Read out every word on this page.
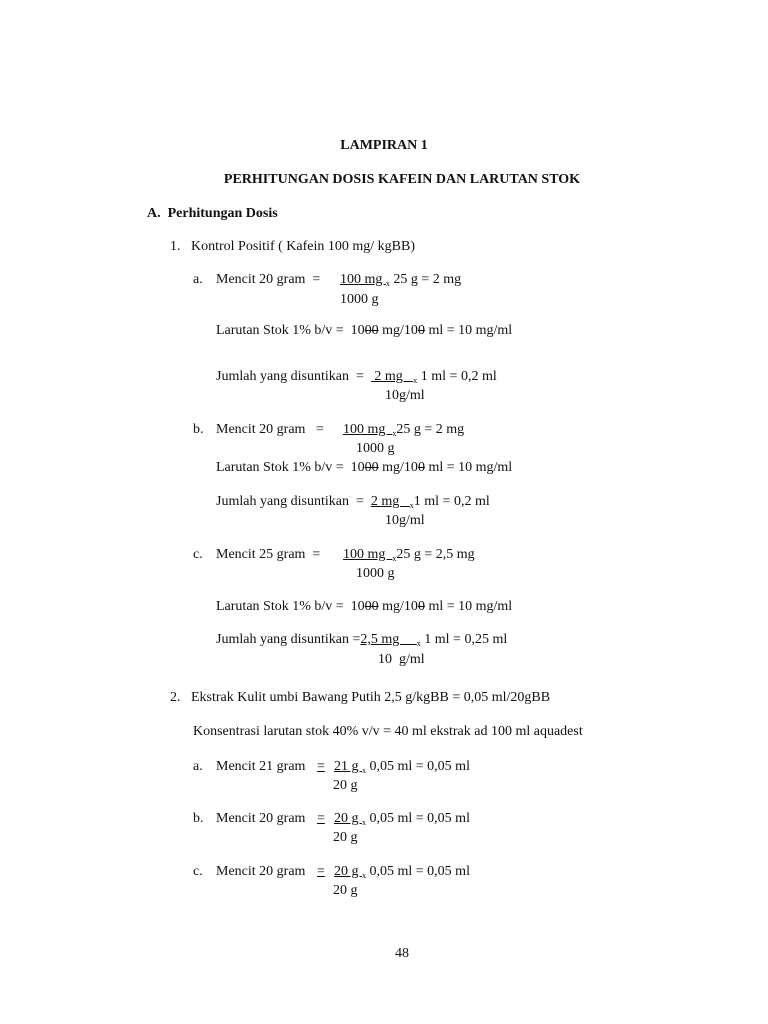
LAMPIRAN 1
PERHITUNGAN DOSIS KAFEIN DAN LARUTAN STOK
A.  Perhitungan Dosis
1.   Kontrol Positif ( Kafein 100 mg/ kgBB)
a. Mencit 20 gram  = 100 mg $_x$ 25 g = 2 mg
1000 g
Larutan Stok 1% b/v =  1000 mg/100 ml = 10 mg/ml
Jumlah yang disuntikan  =   2 mg   $_x$ 1 ml = 0,2 ml
10g/ml
b. Mencit 20 gram   = 100 mg  $_x$25 g = 2 mg
1000 g
Larutan Stok 1% b/v =  1000 mg/100 ml = 10 mg/ml
Jumlah yang disuntikan  = 2 mg   $_x$1 ml = 0,2 ml
10g/ml
c. Mencit 25 gram  = 100 mg  $_x$25 g = 2,5 mg
1000 g
Larutan Stok 1% b/v =  1000 mg/100 ml = 10 mg/ml
Jumlah yang disuntikan =2,5 mg     $_x$ 1 ml = 0,25 ml
10  g/ml
2.   Ekstrak Kulit umbi Bawang Putih 2,5 g/kgBB = 0,05 ml/20gBB
Konsentrasi larutan stok 40% v/v = 40 ml ekstrak ad 100 ml aquadest
a. Mencit 21 gram = 21 g $_x$ 0,05 ml = 0,05 ml
20 g
b. Mencit 20 gram = 20 g $_x$ 0,05 ml = 0,05 ml
20 g
c. Mencit 20 gram = 20 g $_x$ 0,05 ml = 0,05 ml
20 g
48
